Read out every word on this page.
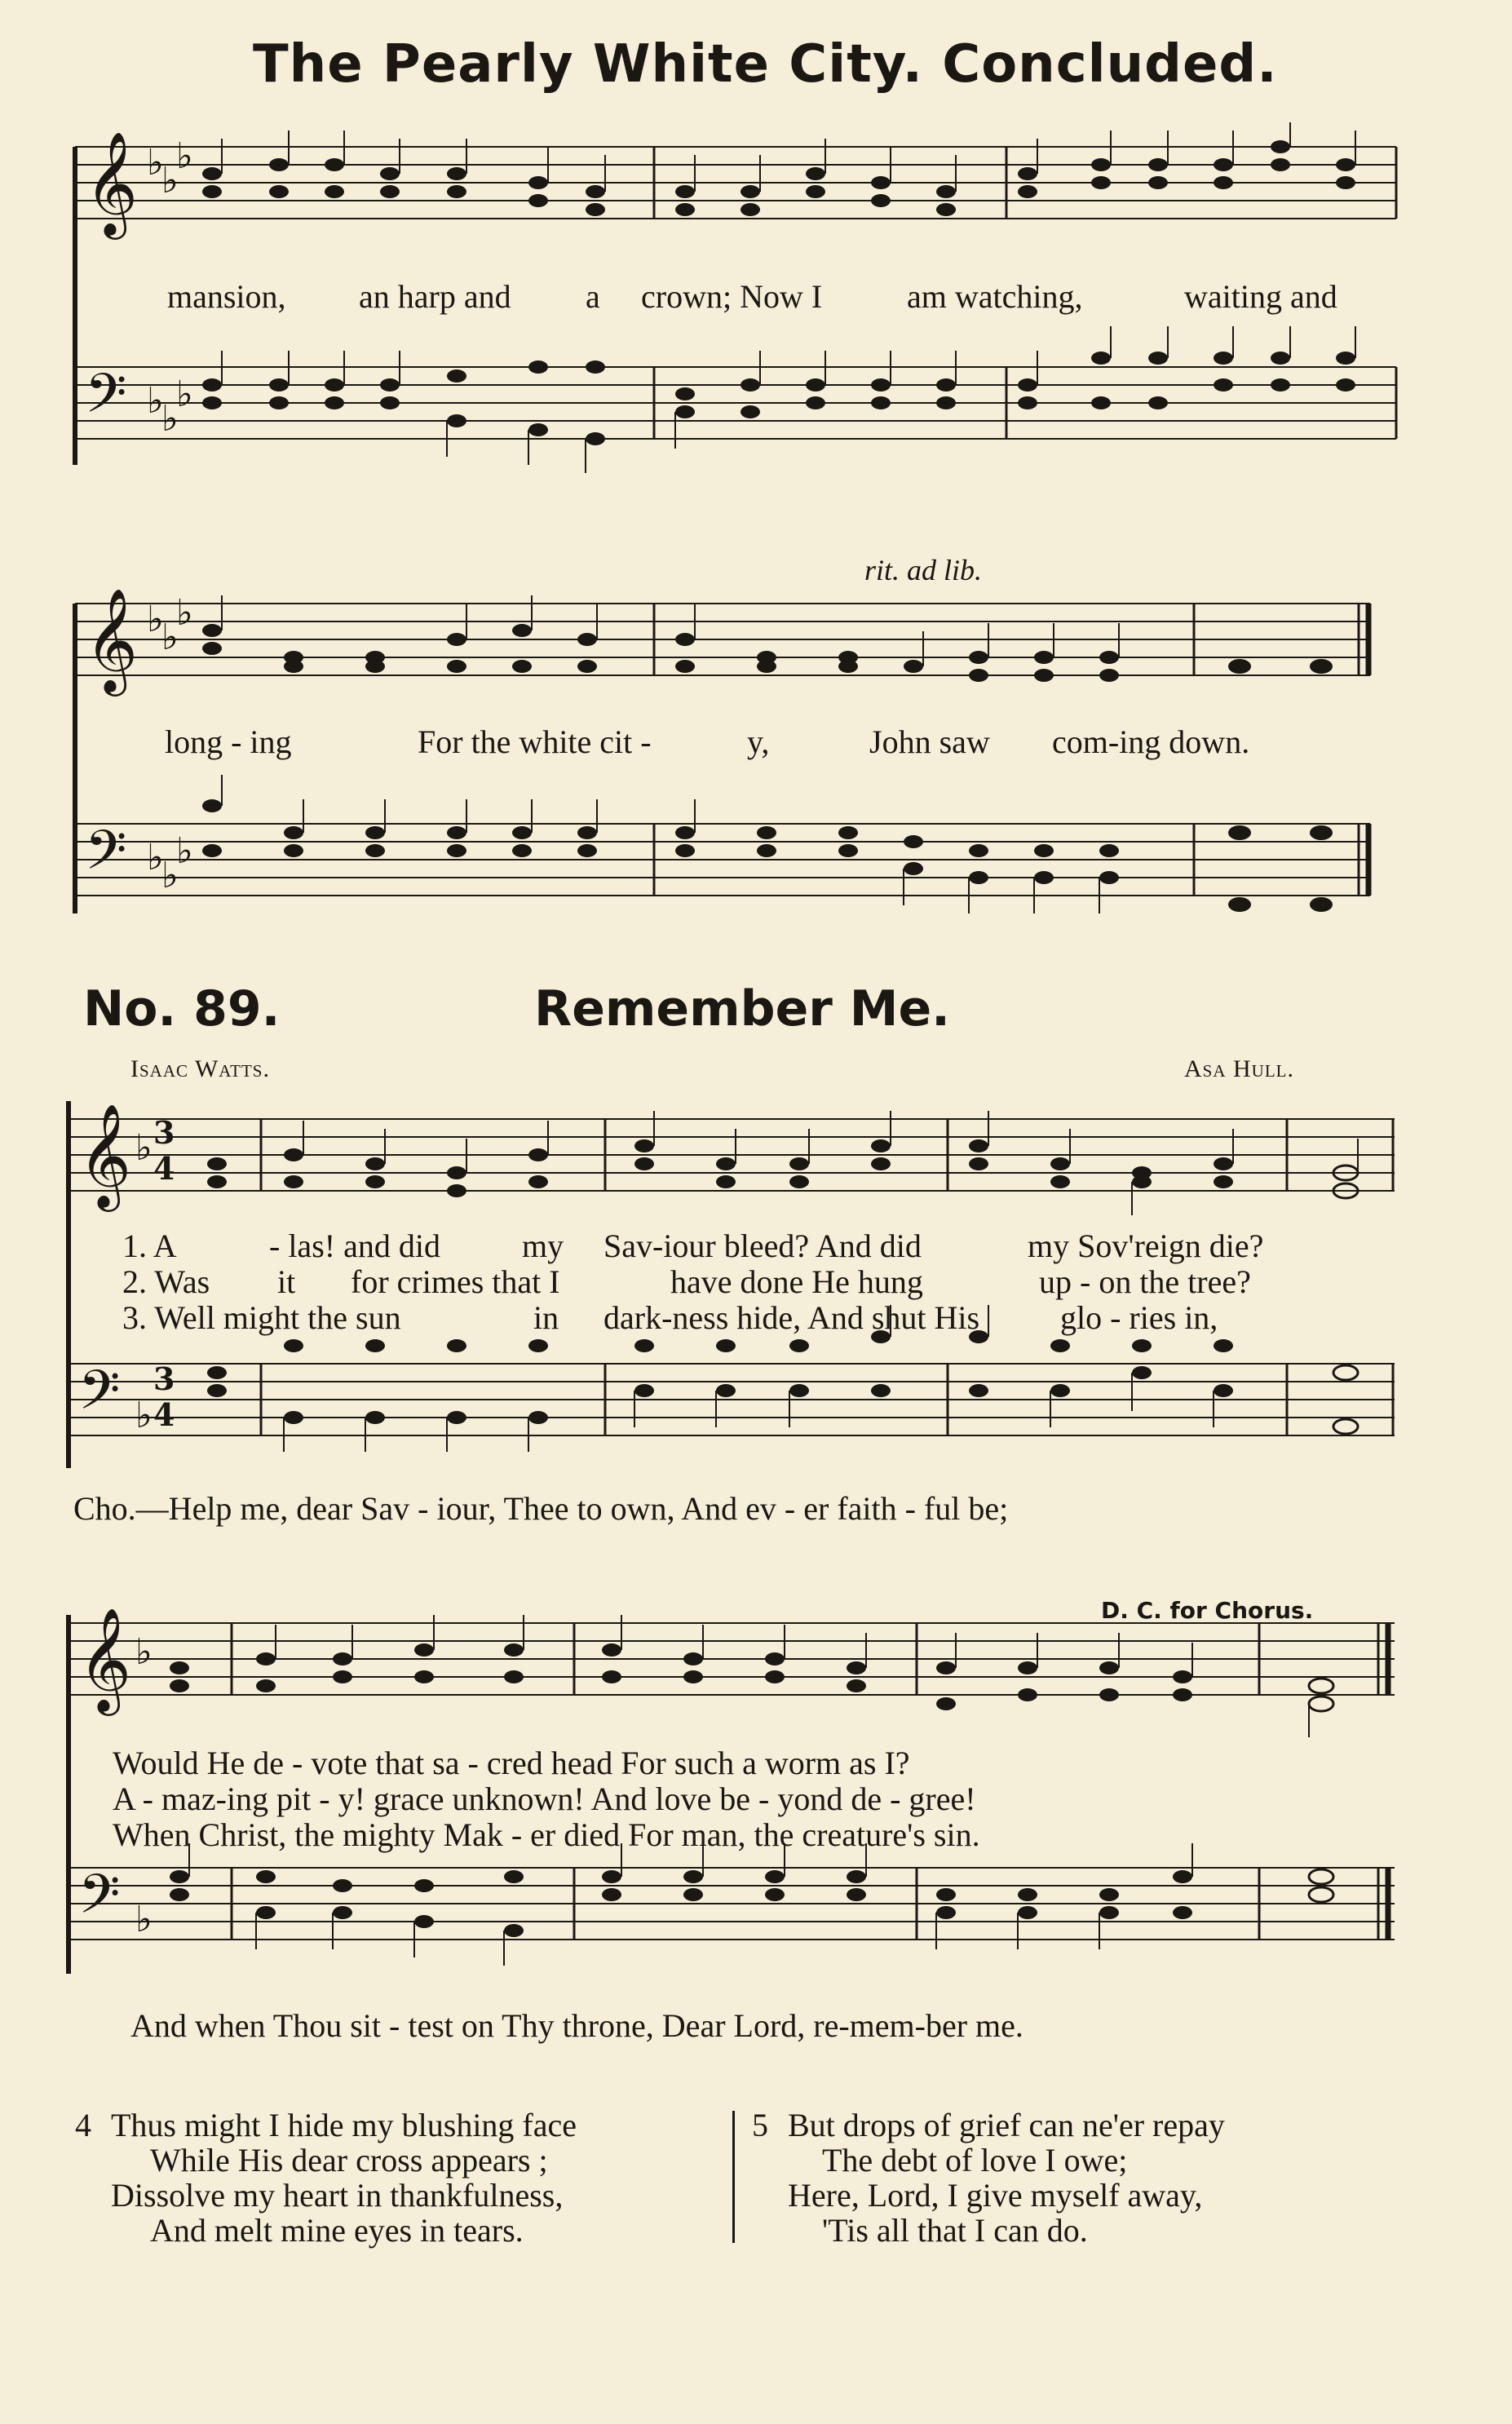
The Pearly White City. Concluded.
𝄞 ♭
♭
♭
𝄢 ♭
♭
♭
mansion, an harp and a crown; Now I	am watching,	waiting and
rit. ad lib.
𝄞 ♭
♭
♭
𝄢 ♭
♭
♭
long - ing	For the white cit -	y,	John saw com-ing down.
No. 89.	Remember Me.
Isaac Watts.	Asa Hull.
𝄞 ♭ 3
4
𝄢 ♭
3
4
1. A	- las! and did	my Sav-iour bleed? And did	my Sov'reign die?
2. Was it for crimes that I	have done He hung	up - on the tree?
3. Well might the sun	in dark-ness hide, And shut His glo - ries in,
Cho.—Help me, dear Sav - iour, Thee to own, And ev - er faith - ful be;
D. C. for Chorus.
𝄞 ♭
𝄢 ♭
Would He de - vote that sa - cred head For such a worm as I?
A - maz-ing pit - y! grace unknown! And love be - yond de - gree!
When Christ, the mighty Mak - er died For man, the creature's sin.
And when Thou sit - test on Thy throne, Dear Lord, re-mem-ber me.
4 Thus might I hide my blushing face
While His dear cross appears ;
Dissolve my heart in thankfulness,
And melt mine eyes in tears.
5 But drops of grief can ne'er repay
The debt of love I owe;
Here, Lord, I give myself away,
'Tis all that I can do.
